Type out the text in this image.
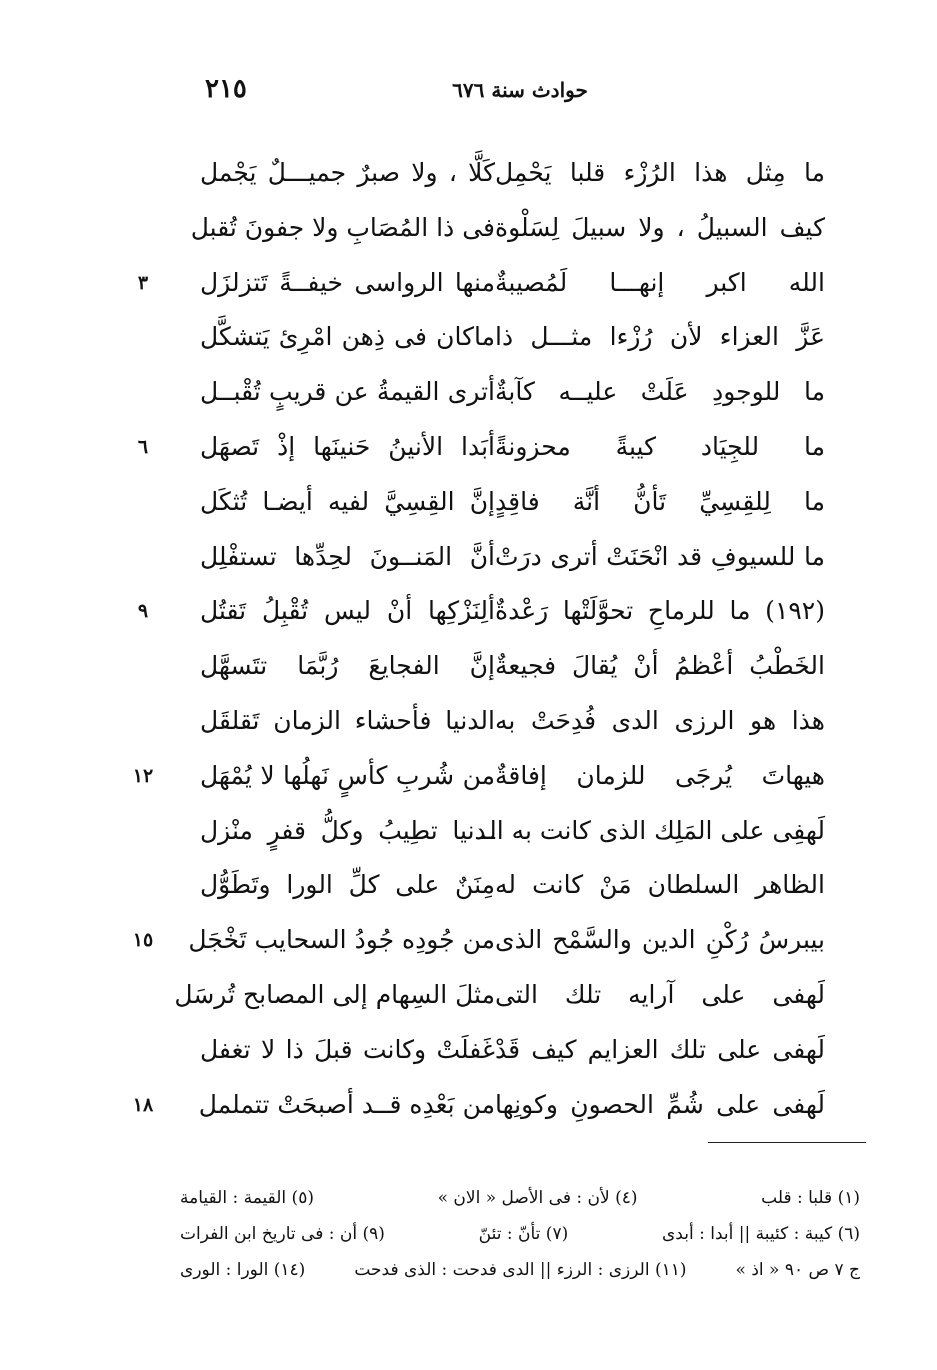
حوادث سنة ٦٧٦
٢١٥
ما مِثل هذا الرُزْء قلبا يَحْمِل
كَلَّا ، ولا صبرٌ جميـــلٌ يَجْمل
كيف السبيلُ ، ولا سبيلَ لِسَلْوة
فى ذا المُصَابِ ولا جفونَ تُقبل
الله اكبر إنهـــا لَمُصيبةٌ
منها الرواسى خيفــةً تَتزلزَل
٣
عَزَّ العزاء لأن رُزْءا مثـــل ذا
ماكان فى ذِهن امْرِئ يَتشكَّل
ما للوجودِ عَلَتْ عليــه كآبةٌ
أترى القيمةُ عن قريبٍ تُقْبــل
ما للجِيَاد كيبةً محزونةً
أبَدا الأنينُ حَنينَها إذْ تَصهَل
٦
ما لِلقِسِيِّ تَأنُّ أنَّة فاقِدٍ
إنَّ القِسِيَّ لفيه أيضـا تُثكَل
ما للسيوفِ قد انْحَنَتْ أترى درَتْ
أنَّ المَنــونَ لحِدِّها تستفْلِل
(١٩٢) ما للرماحِ تحوَّلَتْها رَعْدةٌ
ألِنَزْكِها أنْ ليس تُقْبِلُ تَقتُل
٩
الخَطْبُ أعْظمُ أنْ يُقالَ فجيعةٌ
إنَّ الفجايعَ رُبَّمَا تتَسهَّل
هذا هو الرزى الدى فُدِحَتْ به
الدنيا فأحشاء الزمان تَقلقَل
هيهاتَ يُرجَى للزمان إفاقةٌ
من شُربِ كأسٍ نَهلُها لا يُمْهَل
١٢
لَهفِى على المَلِك الذى كانت به الـ
ـدنيا تطِيبُ وكلُّ قفرٍ منْزل
الظاهر السلطان مَنْ كانت له
مِنَنٌ على كلِّ الورا وتَطَوُّل
بيبرسُ رُكْنِ الدين والسَّمْح الذى
من جُودِه جُودُ السحايب تَخْجَل
١٥
لَهفى على آرايه تلك التى
مثلَ السِهام إلى المصابح تُرسَل
لَهفى على تلك العزايم كيف قَدْ
غَفلَتْ وكانت قبلَ ذا لا تغفل
لَهفى على شُمِّ الحصونِ وكونِها
من بَعْدِه قــد أصبحَتْ تتململ
١٨
(١) قلبا : قلب
(٤) لأن : فى الأصل « الان »
(٥) القيمة : القيامة
(٦) كيبة : كئيبة || أبدا : أبدى
(٧) تأنّ : تئنّ
(٩) أن : فى تاريخ ابن الفرات
ج ٧ ص ٩٠ « اذ »
(١١) الرزى : الرزء || الدى فدحت : الذى فدحت
(١٤) الورا : الورى
